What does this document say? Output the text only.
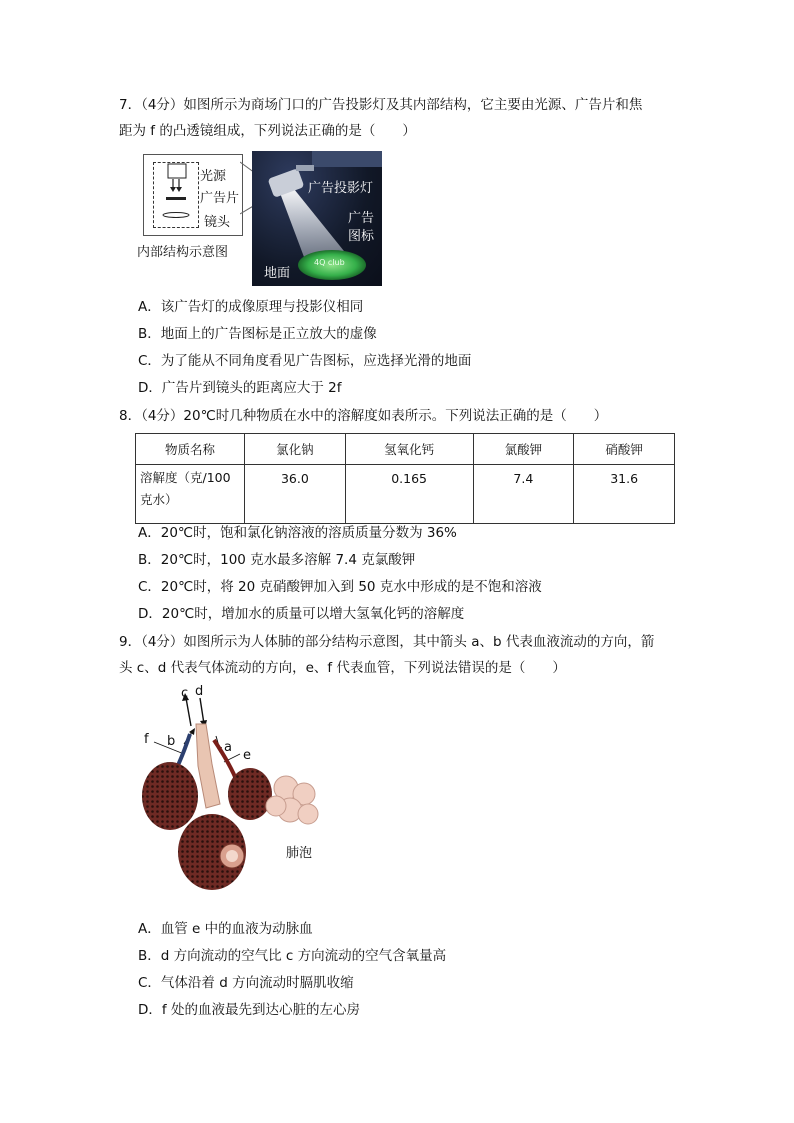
7．（4分）如图所示为商场门口的广告投影灯及其内部结构，它主要由光源、广告片和焦
距为 f 的凸透镜组成，下列说法正确的是（　　）
光源
广告片
镜头
内部结构示意图
广告投影灯
广告
图标
地面
4Q club
A．该广告灯的成像原理与投影仪相同
B．地面上的广告图标是正立放大的虚像
C．为了能从不同角度看见广告图标，应选择光滑的地面
D．广告片到镜头的距离应大于 2f
8．（4分）20℃时几种物质在水中的溶解度如表所示。下列说法正确的是（　　）
物质名称	氯化钠	氢氧化钙	氯酸钾	硝酸钾
溶解度（克/100克水）	36.0	0.165	7.4	31.6
A．20℃时，饱和氯化钠溶液的溶质质量分数为 36%
B．20℃时，100 克水最多溶解 7.4 克氯酸钾
C．20℃时，将 20 克硝酸钾加入到 50 克水中形成的是不饱和溶液
D．20℃时，增加水的质量可以增大氢氧化钙的溶解度
9．（4分）如图所示为人体肺的部分结构示意图，其中箭头 a、b 代表血液流动的方向，箭
头 c、d 代表气体流动的方向，e、f 代表血管，下列说法错误的是（　　）
c d
f b	a
e
肺泡
A．血管 e 中的血液为动脉血
B．d 方向流动的空气比 c 方向流动的空气含氧量高
C．气体沿着 d 方向流动时膈肌收缩
D．f 处的血液最先到达心脏的左心房
